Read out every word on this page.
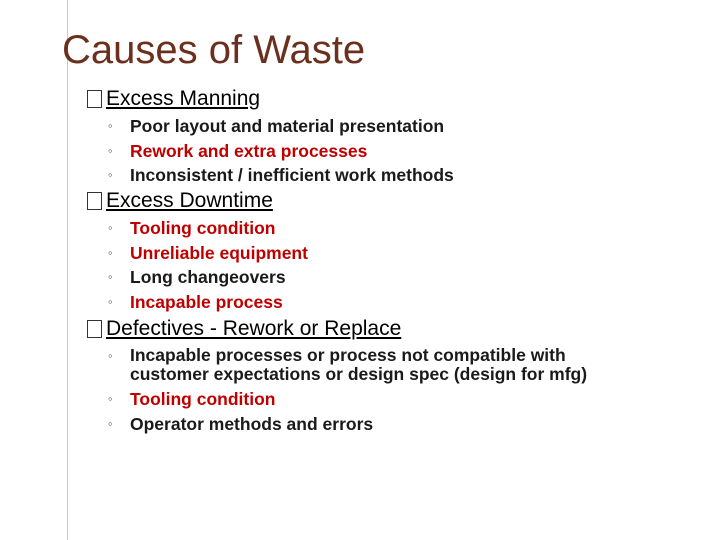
Causes of Waste
Excess Manning
◦ Poor layout and material presentation
◦ Rework and extra processes
◦ Inconsistent / inefficient work methods
Excess Downtime
◦ Tooling condition
◦ Unreliable equipment
◦ Long changeovers
◦ Incapable process
Defectives - Rework or Replace
◦ Incapable processes or process not compatible with customer expectations or design spec (design for mfg)
◦ Tooling condition
◦ Operator methods and errors
